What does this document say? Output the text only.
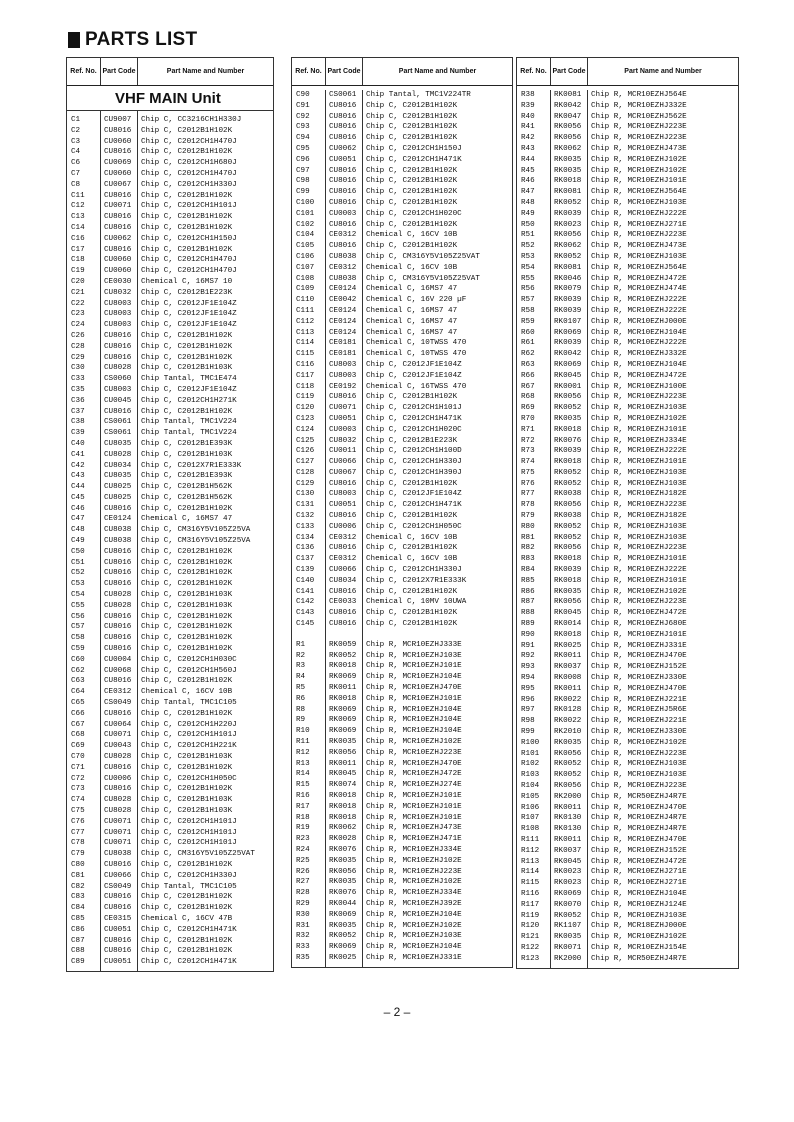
PARTS LIST
Ref. No. Part Code	Part Name and Number
VHF MAIN Unit
C1	CU9007	Chip C, CC3216CH1H330J
C2	CU8016	Chip C, C2012B1H102K
C3	CU0060	Chip C, C2012CH1H470J
C4	CU8016	Chip C, C2012B1H102K
C6	CU0069	Chip C, C2012CH1H680J
C7	CU0060	Chip C, C2012CH1H470J
C8	CU0067	Chip C, C2012CH1H330J
C11	CU8016	Chip C, C2012B1H102K
C12	CU0071	Chip C, C2012CH1H101J
C13	CU8016	Chip C, C2012B1H102K
C14	CU8016	Chip C, C2012B1H102K
C16	CU0062	Chip C, C2012CH1H150J
C17	CU8016	Chip C, C2012B1H102K
C18	CU0060	Chip C, C2012CH1H470J
C19	CU0060	Chip C, C2012CH1H470J
C20	CE0030	Chemical C, 16MS7 10
C21	CU8032	Chip C, C2012B1E223K
C22	CU8003	Chip C, C2012JF1E104Z
C23	CU8003	Chip C, C2012JF1E104Z
C24	CU8003	Chip C, C2012JF1E104Z
C26	CU8016	Chip C, C2012B1H102K
C28	CU8016	Chip C, C2012B1H102K
C29	CU8016	Chip C, C2012B1H102K
C30	CU8028	Chip C, C2012B1H103K
C33	CS0060	Chip Tantal, TMC1E474
C35	CU8003	Chip C, C2012JF1E104Z
C36	CU0045	Chip C, C2012CH1H271K
C37	CU8016	Chip C, C2012B1H102K
C38	CS0061	Chip Tantal, TMC1V224
C39	CS0061	Chip Tantal, TMC1V224
C40	CU8035	Chip C, C2012B1E393K
C41	CU8028	Chip C, C2012B1H103K
C42	CU8034	Chip C, C2012X7R1E333K
C43	CU8035	Chip C, C2012B1E393K
C44	CU8025	Chip C, C2012B1H562K
C45	CU8025	Chip C, C2012B1H562K
C46	CU8016	Chip C, C2012B1H102K
C47	CE0124	Chemical C, 16MS7 47
C48	CU8038	Chip C, CM316Y5V105Z25VA
C49	CU8038	Chip C, CM316Y5V105Z25VA
C50	CU8016	Chip C, C2012B1H102K
C51	CU8016	Chip C, C2012B1H102K
C52	CU8016	Chip C, C2012B1H102K
C53	CU8016	Chip C, C2012B1H102K
C54	CU8028	Chip C, C2012B1H103K
C55	CU8028	Chip C, C2012B1H103K
C56	CU8016	Chip C, C2012B1H102K
C57	CU8016	Chip C, C2012B1H102K
C58	CU8016	Chip C, C2012B1H102K
C59	CU8016	Chip C, C2012B1H102K
C60	CU0004	Chip C, C2012CH1H030C
C62	CU0068	Chip C, C2012CH1H560J
C63	CU8016	Chip C, C2012B1H102K
C64	CE0312	Chemical C, 16CV 10B
C65	CS0049	Chip Tantal, TMC1C105
C66	CU8016	Chip C, C2012B1H102K
C67	CU0064	Chip C, C2012CH1H220J
C68	CU0071	Chip C, C2012CH1H101J
C69	CU0043	Chip C, C2012CH1H221K
C70	CU8028	Chip C, C2012B1H103K
C71	CU8016	Chip C, C2012B1H102K
C72	CU0006	Chip C, C2012CH1H050C
C73	CU8016	Chip C, C2012B1H102K
C74	CU8028	Chip C, C2012B1H103K
C75	CU8028	Chip C, C2012B1H103K
C76	CU0071	Chip C, C2012CH1H101J
C77	CU0071	Chip C, C2012CH1H101J
C78	CU0071	Chip C, C2012CH1H101J
C79	CU8038	Chip C, CM316Y5V105Z25VAT
C80	CU8016	Chip C, C2012B1H102K
C81	CU0066	Chip C, C2012CH1H330J
C82	CS0049	Chip Tantal, TMC1C105
C83	CU8016	Chip C, C2012B1H102K
C84	CU8016	Chip C, C2012B1H102K
C85	CE0315	Chemical C, 16CV 47B
C86	CU0051	Chip C, C2012CH1H471K
C87	CU8016	Chip C, C2012B1H102K
C88	CU8016	Chip C, C2012B1H102K
C89	CU0051	Chip C, C2012CH1H471K
Ref. No. Part Code	Part Name and Number
C90	CS0061	Chip Tantal, TMC1V224TR
C91	CU8016	Chip C, C2012B1H102K
C92	CU8016	Chip C, C2012B1H102K
C93	CU8016	Chip C, C2012B1H102K
C94	CU8016	Chip C, C2012B1H102K
C95	CU0062	Chip C, C2012CH1H150J
C96	CU0051	Chip C, C2012CH1H471K
C97	CU8016	Chip C, C2012B1H102K
C98	CU8016	Chip C, C2012B1H102K
C99	CU8016	Chip C, C2012B1H102K
C100	CU8016	Chip C, C2012B1H102K
C101	CU0003	Chip C, C2012CH1H020C
C102	CU8016	Chip C, C2012B1H102K
C104	CE0312	Chemical C, 16CV 10B
C105	CU8016	Chip C, C2012B1H102K
C106	CU8038	Chip C, CM316Y5V105Z25VAT
C107	CE0312	Chemical C, 16CV 10B
C108	CU8038	Chip C, CM316Y5V105Z25VAT
C109	CE0124	Chemical C, 16MS7 47
C110	CE0042	Chemical C, 16V 220 µF
C111	CE0124	Chemical C, 16MS7 47
C112	CE0124	Chemical C, 16MS7 47
C113	CE0124	Chemical C, 16MS7 47
C114	CE0181	Chemical C, 10TWSS 470
C115	CE0181	Chemical C, 10TWSS 470
C116	CU8003	Chip C, C2012JF1E104Z
C117	CU8003	Chip C, C2012JF1E104Z
C118	CE0192	Chemical C, 16TWSS 470
C119	CU8016	Chip C, C2012B1H102K
C120	CU0071	Chip C, C2012CH1H101J
C123	CU0051	Chip C, C2012CH1H471K
C124	CU0003	Chip C, C2012CH1H020C
C125	CU8032	Chip C, C2012B1E223K
C126	CU0011	Chip C, C2012CH1H100D
C127	CU0066	Chip C, C2012CH1H330J
C128	CU0067	Chip C, C2012CH1H390J
C129	CU8016	Chip C, C2012B1H102K
C130	CU8003	Chip C, C2012JF1E104Z
C131	CU0051	Chip C, C2012CH1H471K
C132	CU8016	Chip C, C2012B1H102K
C133	CU0006	Chip C, C2012CH1H050C
C134	CE0312	Chemical C, 16CV 10B
C136	CU8016	Chip C, C2012B1H102K
C137	CE0312	Chemical C, 16CV 10B
C139	CU0066	Chip C, C2012CH1H330J
C140	CU8034	Chip C, C2012X7R1E333K
C141	CU8016	Chip C, C2012B1H102K
C142	CE0033	Chemical C, 10MV 10UWA
C143	CU8016	Chip C, C2012B1H102K
C145	CU8016	Chip C, C2012B1H102K
R1	RK0059	Chip R, MCR10EZHJ333E
R2	RK0052	Chip R, MCR10EZHJ103E
R3	RK0018	Chip R, MCR10EZHJ101E
R4	RK0069	Chip R, MCR10EZHJ104E
R5	RK0011	Chip R, MCR10EZHJ470E
R6	RK0018	Chip R, MCR10EZHJ101E
R8	RK0069	Chip R, MCR10EZHJ104E
R9	RK0069	Chip R, MCR10EZHJ104E
R10	RK0069	Chip R, MCR10EZHJ104E
R11	RK0035	Chip R, MCR10EZHJ102E
R12	RK0056	Chip R, MCR10EZHJ223E
R13	RK0011	Chip R, MCR10EZHJ470E
R14	RK0045	Chip R, MCR10EZHJ472E
R15	RK0074	Chip R, MCR10EZHJ274E
R16	RK0018	Chip R, MCR10EZHJ101E
R17	RK0018	Chip R, MCR10EZHJ101E
R18	RK0018	Chip R, MCR10EZHJ101E
R19	RK0062	Chip R, MCR10EZHJ473E
R23	RK0028	Chip R, MCR10EZHJ471E
R24	RK0076	Chip R, MCR10EZHJ334E
R25	RK0035	Chip R, MCR10EZHJ102E
R26	RK0056	Chip R, MCR10EZHJ223E
R27	RK0035	Chip R, MCR10EZHJ102E
R28	RK0076	Chip R, MCR10EZHJ334E
R29	RK0044	Chip R, MCR10EZHJ392E
R30	RK0069	Chip R, MCR10EZHJ104E
R31	RK0035	Chip R, MCR10EZHJ102E
R32	RK0052	Chip R, MCR10EZHJ103E
R33	RK0069	Chip R, MCR10EZHJ104E
R35	RK0025	Chip R, MCR10EZHJ331E
Ref. No. Part Code	Part Name and Number
R38	RK0081	Chip R, MCR10EZHJ564E
R39	RK0042	Chip R, MCR10EZHJ332E
R40	RK0047	Chip R, MCR10EZHJ562E
R41	RK0056	Chip R, MCR10EZHJ223E
R42	RK0056	Chip R, MCR10EZHJ223E
R43	RK0062	Chip R, MCR10EZHJ473E
R44	RK0035	Chip R, MCR10EZHJ102E
R45	RK0035	Chip R, MCR10EZHJ102E
R46	RK0018	Chip R, MCR10EZHJ101E
R47	RK0081	Chip R, MCR10EZHJ564E
R48	RK0052	Chip R, MCR10EZHJ103E
R49	RK0039	Chip R, MCR10EZHJ222E
R50	RK0023	Chip R, MCR10EZHJ271E
R51	RK0056	Chip R, MCR10EZHJ223E
R52	RK0062	Chip R, MCR10EZHJ473E
R53	RK0052	Chip R, MCR10EZHJ103E
R54	RK0081	Chip R, MCR10EZHJ564E
R55	RK0046	Chip R, MCR10EZHJ472E
R56	RK0079	Chip R, MCR10EZHJ474E
R57	RK0039	Chip R, MCR10EZHJ222E
R58	RK0039	Chip R, MCR10EZHJ222E
R59	RK0107	Chip R, MCR10EZHJ000E
R60	RK0069	Chip R, MCR10EZHJ104E
R61	RK0039	Chip R, MCR10EZHJ222E
R62	RK0042	Chip R, MCR10EZHJ332E
R63	RK0069	Chip R, MCR10EZHJ104E
R66	RK0045	Chip R, MCR10EZHJ472E
R67	RK0001	Chip R, MCR10EZHJ100E
R68	RK0056	Chip R, MCR10EZHJ223E
R69	RK0052	Chip R, MCR10EZHJ103E
R70	RK0035	Chip R, MCR10EZHJ102E
R71	RK0018	Chip R, MCR10EZHJ101E
R72	RK0076	Chip R, MCR10EZHJ334E
R73	RK0039	Chip R, MCR10EZHJ222E
R74	RK0018	Chip R, MCR10EZHJ101E
R75	RK0052	Chip R, MCR10EZHJ103E
R76	RK0052	Chip R, MCR10EZHJ103E
R77	RK0038	Chip R, MCR10EZHJ182E
R78	RK0056	Chip R, MCR10EZHJ223E
R79	RK0038	Chip R, MCR10EZHJ182E
R80	RK0052	Chip R, MCR10EZHJ103E
R81	RK0052	Chip R, MCR10EZHJ103E
R82	RK0056	Chip R, MCR10EZHJ223E
R83	RK0018	Chip R, MCR10EZHJ101E
R84	RK0039	Chip R, MCR10EZHJ222E
R85	RK0018	Chip R, MCR10EZHJ101E
R86	RK0035	Chip R, MCR10EZHJ102E
R87	RK0056	Chip R, MCR10EZHJ223E
R88	RK0045	Chip R, MCR10EZHJ472E
R89	RK0014	Chip R, MCR10EZHJ680E
R90	RK0018	Chip R, MCR10EZHJ101E
R91	RK0025	Chip R, MCR10EZHJ331E
R92	RK0011	Chip R, MCR10EZHJ470E
R93	RK0037	Chip R, MCR10EZHJ152E
R94	RK0008	Chip R, MCR10EZHJ330E
R95	RK0011	Chip R, MCR10EZHJ470E
R96	RK0022	Chip R, MCR10EZHJ221E
R97	RK0128	Chip R, MCR10EZHJ5R6E
R98	RK0022	Chip R, MCR10EZHJ221E
R99	RK2010	Chip R, MCR10EZHJ330E
R100	RK0035	Chip R, MCR10EZHJ102E
R101	RK0056	Chip R, MCR10EZHJ223E
R102	RK0052	Chip R, MCR10EZHJ103E
R103	RK0052	Chip R, MCR10EZHJ103E
R104	RK0056	Chip R, MCR10EZHJ223E
R105	RK2000	Chip R, MCR50EZHJ4R7E
R106	RK0011	Chip R, MCR10EZHJ470E
R107	RK0130	Chip R, MCR10EZHJ4R7E
R108	RK0130	Chip R, MCR10EZHJ4R7E
R111	RK0011	Chip R, MCR10EZHJ470E
R112	RK0037	Chip R, MCR10EZHJ152E
R113	RK0045	Chip R, MCR10EZHJ472E
R114	RK0023	Chip R, MCR10EZHJ271E
R115	RK0023	Chip R, MCR10EZHJ271E
R116	RK0069	Chip R, MCR10EZHJ104E
R117	RK0070	Chip R, MCR10EZHJ124E
R119	RK0052	Chip R, MCR10EZHJ103E
R120	RK1107	Chip R, MCR18EZHJ000E
R121	RK0035	Chip R, MCR10EZHJ102E
R122	RK0071	Chip R, MCR10EZHJ154E
R123	RK2000	Chip R, MCR50EZHJ4R7E
– 2 –
